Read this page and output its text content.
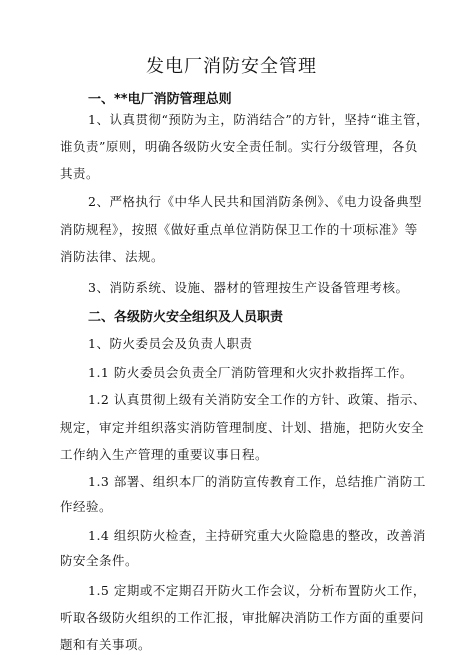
发电厂消防安全管理
一、**电厂消防管理总则
1、认真贯彻“预防为主，防消结合”的方针，坚持“谁主管，
谁负责”原则，明确各级防火安全责任制。实行分级管理，各负
其责。
2、严格执行《中华人民共和国消防条例》、《电力设备典型
消防规程》，按照《做好重点单位消防保卫工作的十项标准》等
消防法律、法规。
3、消防系统、设施、器材的管理按生产设备管理考核。
二、各级防火安全组织及人员职责
1、防火委员会及负责人职责
1.1 防火委员会负责全厂消防管理和火灾扑救指挥工作。
1.2 认真贯彻上级有关消防安全工作的方针、政策、指示、
规定，审定并组织落实消防管理制度、计划、措施，把防火安全
工作纳入生产管理的重要议事日程。
1.3 部署、组织本厂的消防宣传教育工作，总结推广消防工
作经验。
1.4 组织防火检查，主持研究重大火险隐患的整改，改善消
防安全条件。
1.5 定期或不定期召开防火工作会议，分析布置防火工作，
听取各级防火组织的工作汇报，审批解决消防工作方面的重要问
题和有关事项。
